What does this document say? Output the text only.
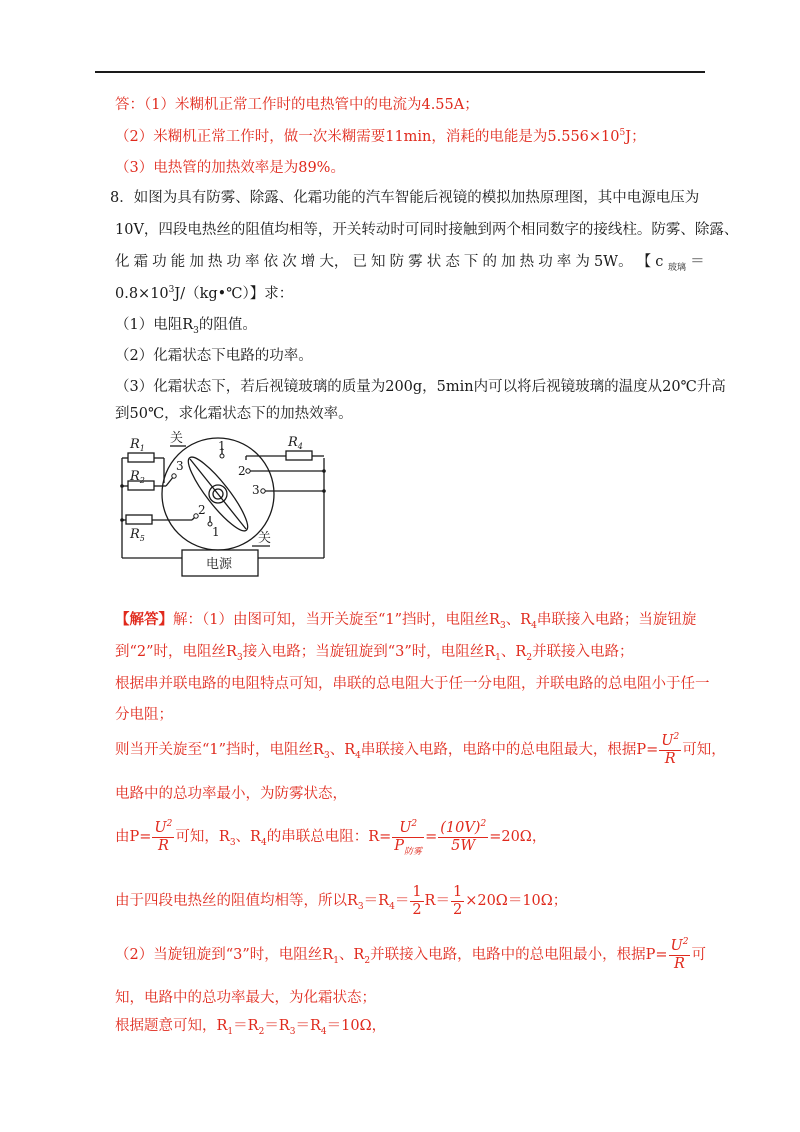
答：（1）米糊机正常工作时的电热管中的电流为4.55A；
（2）米糊机正常工作时，做一次米糊需要11min，消耗的电能是为$5.556\times 10^5J$；
（3）电热管的加热效率是为89%。
8．如图为具有防雾、除露、化霜功能的汽车智能后视镜的模拟加热原理图，其中电源电压为
10V，四段电热丝的阻值均相等，开关转动时可同时接触到两个相同数字的接线柱。防雾、除露、
化 霜 功 能 加 热 功 率 依 次 增 大， 已 知 防 雾 状 态 下 的 加 热 功 率 为 5W。 【 c $_{玻璃}$ ＝
$0.8\times 10^3J/(kg•℃)$】求：
（1）电阻$R_3$的阻值。
（2）化霜状态下电路的功率。
（3）化霜状态下，若后视镜玻璃的质量为200g，5min内可以将后视镜玻璃的温度从20℃升高
到50℃，求化霜状态下的加热效率。
$R_1$
$R_2$
$R_4$
$R_5$
关
关
1
2
3
3
2
1
电源
【解答】解：（1）由图可知，当开关旋至“1”挡时，电阻丝$R_3$、$R_4$串联接入电路；当旋钮旋
到“2”时，电阻丝$R_3$接入电路；当旋钮旋到“3”时，电阻丝$R_1$、$R_2$并联接入电路；
根据串并联电路的电阻特点可知，串联的总电阻大于任一分电阻，并联电路的总电阻小于任一
分电阻；
则当开关旋至“1”挡时，电阻丝$R_3$、$R_4$串联接入电路，电路中的总电阻最大，根据$P= \frac{U^2}{R}$ 可知，
电路中的总功率最小，为防雾状态，
由$P= \frac{U^2}{R}$ 可知，$R_3$、$R_4$的串联总电阻：$R= \frac{U^2}{P_{防雾}} = \frac{(10V)^2}{5W} =20\Omega$，
由于四段电热丝的阻值均相等，所以$R_3=R_4= \frac{1}{2} R= \frac{1}{2} \times 20\Omega=10\Omega$；
（2）当旋钮旋到“3”时，电阻丝$R_1$、$R_2$并联接入电路，电路中的总电阻最小，根据$P= \frac{U^2}{R}$ 可
知，电路中的总功率最大，为化霜状态；
根据题意可知，$R_1=R_2=R_3=R_4=10\Omega$，
